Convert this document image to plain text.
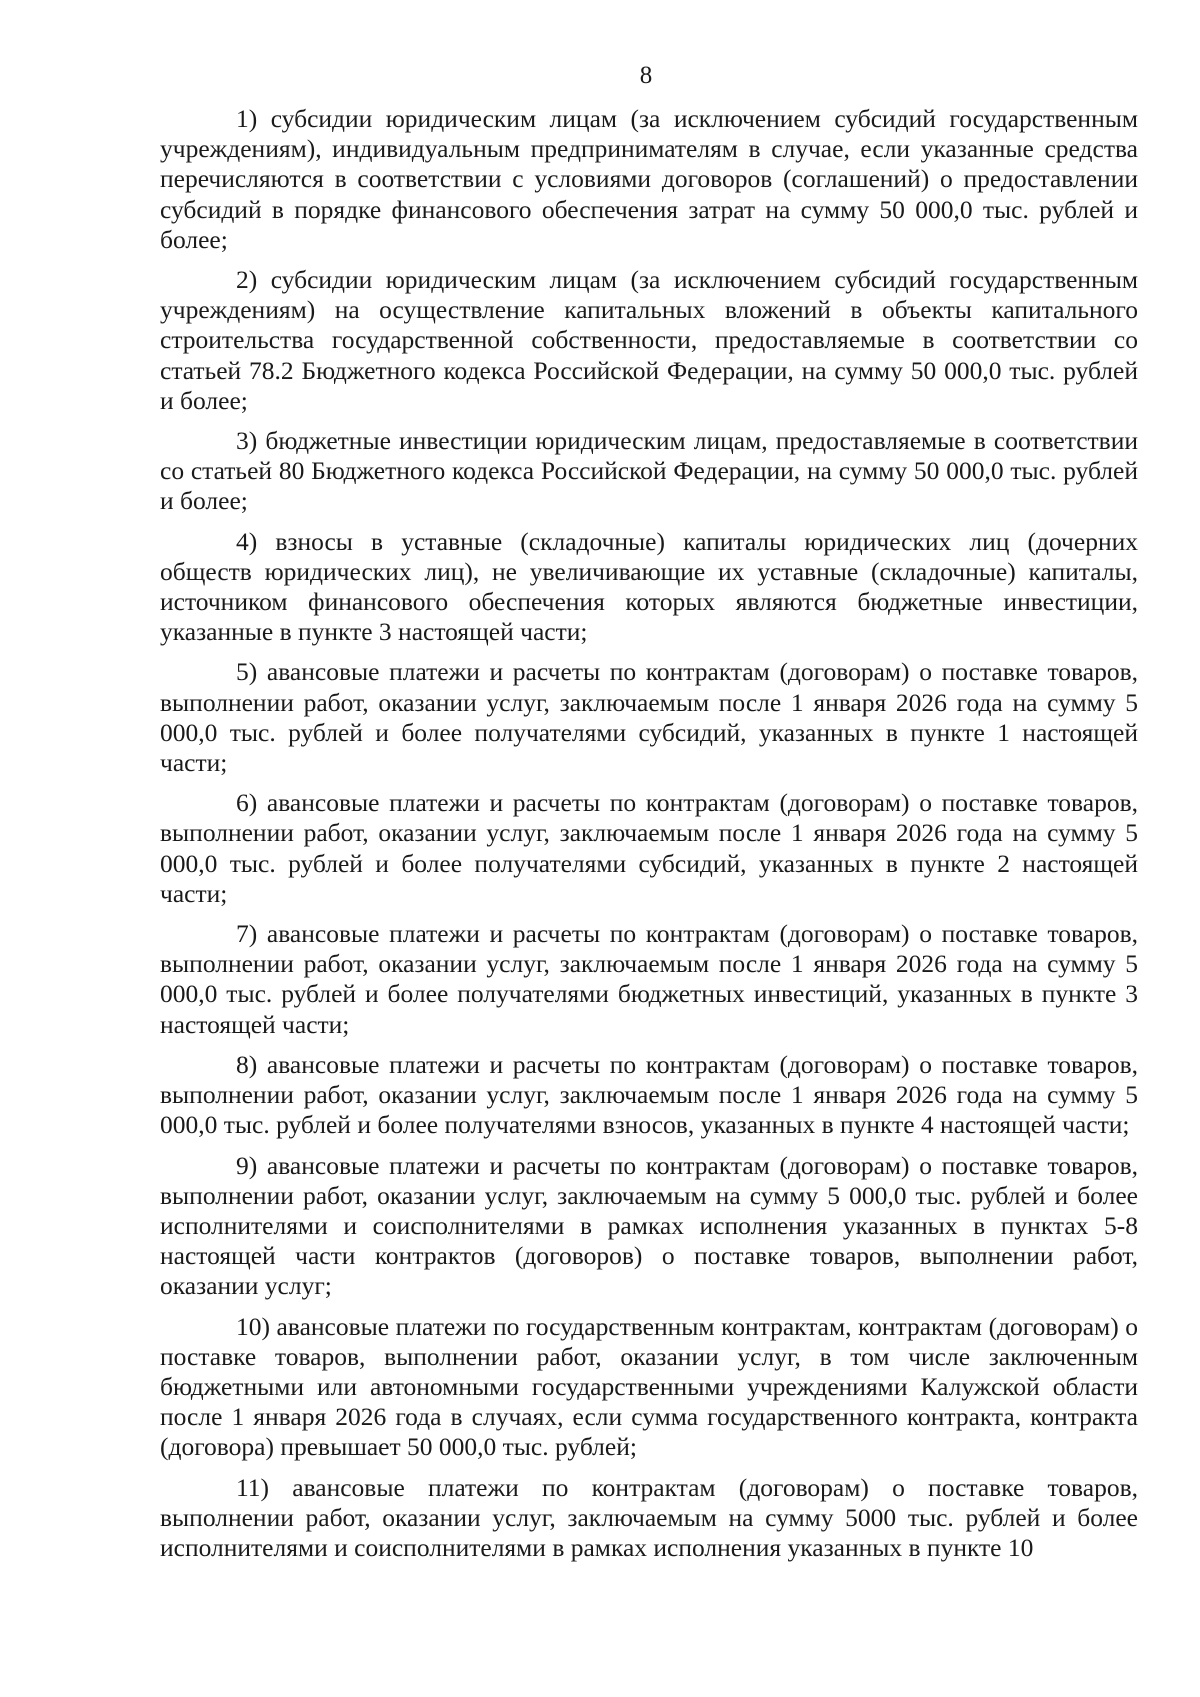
8

1) субсидии юридическим лицам (за исключением субсидий государственным учреждениям), индивидуальным предпринимателям в случае, если указанные средства перечисляются в соответствии с условиями договоров (соглашений) о предоставлении субсидий в порядке финансового обеспечения затрат на сумму 50 000,0 тыс. рублей и более;

2) субсидии юридическим лицам (за исключением субсидий государственным учреждениям) на осуществление капитальных вложений в объекты капитального строительства государственной собственности, предоставляемые в соответствии со статьей 78.2 Бюджетного кодекса Российской Федерации, на сумму 50 000,0 тыс. рублей и более;

3) бюджетные инвестиции юридическим лицам, предоставляемые в соответствии со статьей 80 Бюджетного кодекса Российской Федерации, на сумму 50 000,0 тыс. рублей и более;

4) взносы в уставные (складочные) капиталы юридических лиц (дочерних обществ юридических лиц), не увеличивающие их уставные (складочные) капиталы, источником финансового обеспечения которых являются бюджетные инвестиции, указанные в пункте 3 настоящей части;

5) авансовые платежи и расчеты по контрактам (договорам) о поставке товаров, выполнении работ, оказании услуг, заключаемым после 1 января 2026 года на сумму 5 000,0 тыс. рублей и более получателями субсидий, указанных в пункте 1 настоящей части;

6) авансовые платежи и расчеты по контрактам (договорам) о поставке товаров, выполнении работ, оказании услуг, заключаемым после 1 января 2026 года на сумму 5 000,0 тыс. рублей и более получателями субсидий, указанных в пункте 2 настоящей части;

7) авансовые платежи и расчеты по контрактам (договорам) о поставке товаров, выполнении работ, оказании услуг, заключаемым после 1 января 2026 года на сумму 5 000,0 тыс. рублей и более получателями бюджетных инвестиций, указанных в пункте 3 настоящей части;

8) авансовые платежи и расчеты по контрактам (договорам) о поставке товаров, выполнении работ, оказании услуг, заключаемым после 1 января 2026 года на сумму 5 000,0 тыс. рублей и более получателями взносов, указанных в пункте 4 настоящей части;

9) авансовые платежи и расчеты по контрактам (договорам) о поставке товаров, выполнении работ, оказании услуг, заключаемым на сумму 5 000,0 тыс. рублей и более исполнителями и соисполнителями в рамках исполнения указанных в пунктах 5-8 настоящей части контрактов (договоров) о поставке товаров, выполнении работ, оказании услуг;

10) авансовые платежи по государственным контрактам, контрактам (договорам) о поставке товаров, выполнении работ, оказании услуг, в том числе заключенным бюджетными или автономными государственными учреждениями Калужской области после 1 января 2026 года в случаях, если сумма государственного контракта, контракта (договора) превышает 50 000,0 тыс. рублей;

11) авансовые платежи по контрактам (договорам) о поставке товаров, выполнении работ, оказании услуг, заключаемым на сумму 5000 тыс. рублей и более исполнителями и соисполнителями в рамках исполнения указанных в пункте 10
